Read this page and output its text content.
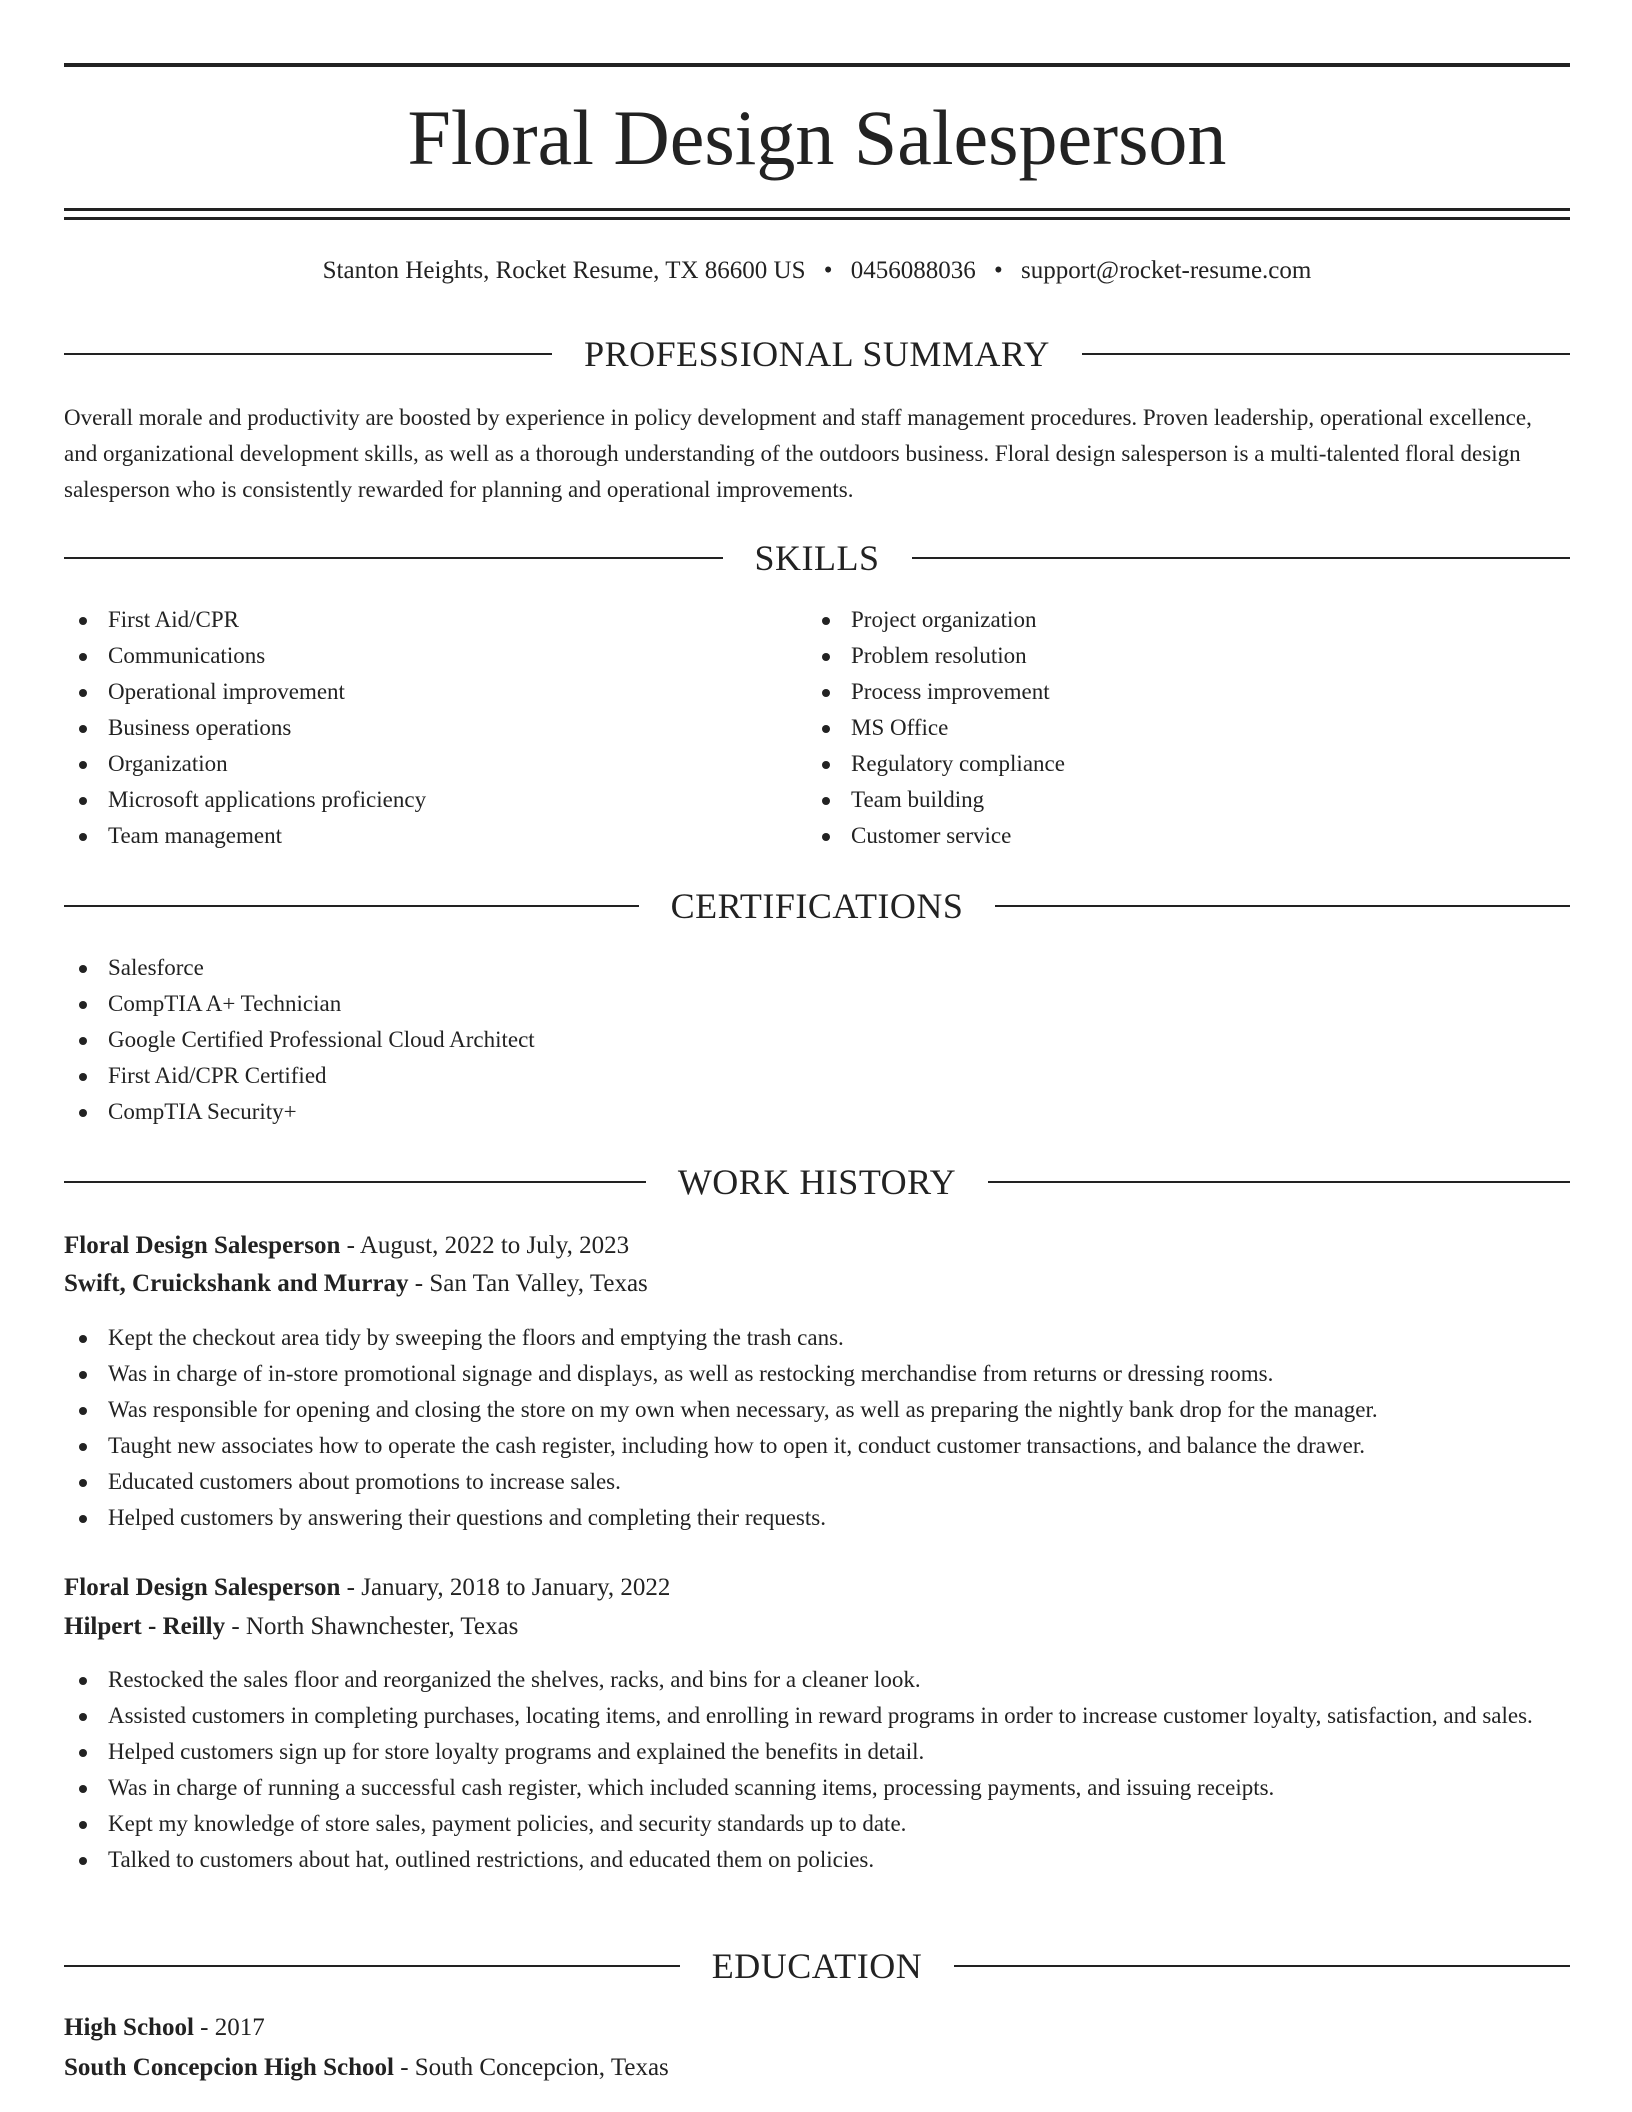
Floral Design Salesperson
Stanton Heights, Rocket Resume, TX 86600 US • 0456088036 • support@rocket-resume.com
PROFESSIONAL SUMMARY

Overall morale and productivity are boosted by experience in policy development and staff management procedures. Proven leadership, operational excellence, and organizational development skills, as well as a thorough understanding of the outdoors business. Floral design salesperson is a multi-talented floral design salesperson who is consistently rewarded for planning and operational improvements.

SKILLS
First Aid/CPR
Communications
Operational improvement
Business operations
Organization
Microsoft applications proficiency
Team management
Project organization
Problem resolution
Process improvement
MS Office
Regulatory compliance
Team building
Customer service
CERTIFICATIONS
Salesforce
CompTIA A+ Technician
Google Certified Professional Cloud Architect
First Aid/CPR Certified
CompTIA Security+
WORK HISTORY
Floral Design Salesperson - August, 2022 to July, 2023
Swift, Cruickshank and Murray - San Tan Valley, Texas
Kept the checkout area tidy by sweeping the floors and emptying the trash cans.
Was in charge of in-store promotional signage and displays, as well as restocking merchandise from returns or dressing rooms.
Was responsible for opening and closing the store on my own when necessary, as well as preparing the nightly bank drop for the manager.
Taught new associates how to operate the cash register, including how to open it, conduct customer transactions, and balance the drawer.
Educated customers about promotions to increase sales.
Helped customers by answering their questions and completing their requests.
Floral Design Salesperson - January, 2018 to January, 2022
Hilpert - Reilly - North Shawnchester, Texas
Restocked the sales floor and reorganized the shelves, racks, and bins for a cleaner look.
Assisted customers in completing purchases, locating items, and enrolling in reward programs in order to increase customer loyalty, satisfaction, and sales.
Helped customers sign up for store loyalty programs and explained the benefits in detail.
Was in charge of running a successful cash register, which included scanning items, processing payments, and issuing receipts.
Kept my knowledge of store sales, payment policies, and security standards up to date.
Talked to customers about hat, outlined restrictions, and educated them on policies.
EDUCATION
High School - 2017
South Concepcion High School - South Concepcion, Texas
